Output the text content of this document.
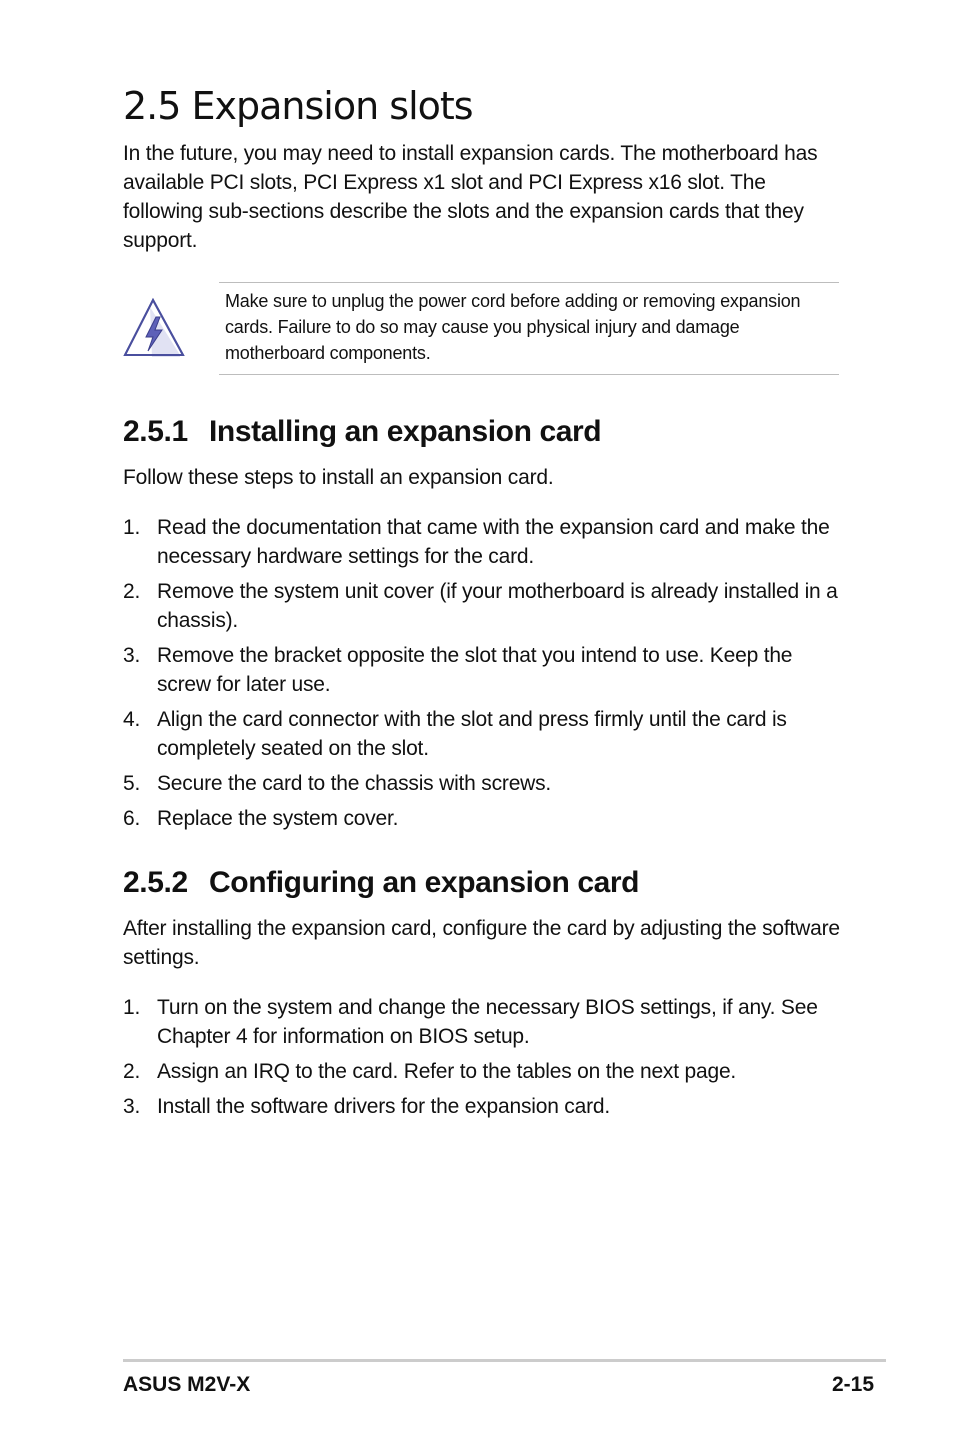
2.5 Expansion slots

In the future, you may need to install expansion cards. The motherboard has available PCI slots, PCI Express x1 slot and PCI Express x16 slot. The following sub-sections describe the slots and the expansion cards that they support.

Make sure to unplug the power cord before adding or removing expansion cards. Failure to do so may cause you physical injury and damage motherboard components.

2.5.1 Installing an expansion card

Follow these steps to install an expansion card.

1. Read the documentation that came with the expansion card and make the necessary hardware settings for the card.
2. Remove the system unit cover (if your motherboard is already installed in a chassis).
3. Remove the bracket opposite the slot that you intend to use. Keep the screw for later use.
4. Align the card connector with the slot and press firmly until the card is completely seated on the slot.
5. Secure the card to the chassis with screws.
6. Replace the system cover.
2.5.2 Configuring an expansion card

After installing the expansion card, configure the card by adjusting the software settings.

1. Turn on the system and change the necessary BIOS settings, if any. See Chapter 4 for information on BIOS setup.
2. Assign an IRQ to the card. Refer to the tables on the next page.
3. Install the software drivers for the expansion card.
ASUS M2V-X	2-15
